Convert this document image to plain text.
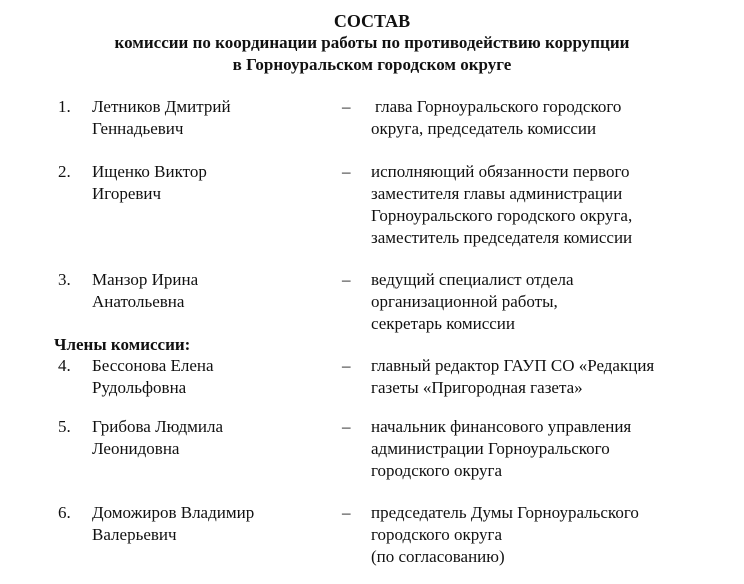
СОСТАВ
комиссии по координации работы по противодействию коррупции
в Горноуральском городском округе
1.	Летников Дмитрий
Геннадьевич
–	глава Горноуральского городского
округа, председатель комиссии
2.	Ищенко Виктор
Игоревич
–	исполняющий обязанности первого
заместителя главы администрации
Горноуральского городского округа,
заместитель председателя комиссии
3.	Манзор Ирина
Анатольевна
–	ведущий специалист отдела
организационной работы,
секретарь комиссии
Члены комиссии:
4.	Бессонова Елена
Рудольфовна
–	главный редактор ГАУП СО «Редакция
газеты «Пригородная газета»
5.	Грибова Людмила
Леонидовна
–	начальник финансового управления
администрации Горноуральского
городского округа
6.	Доможиров Владимир
Валерьевич
–	председатель Думы Горноуральского
городского округа
(по согласованию)
